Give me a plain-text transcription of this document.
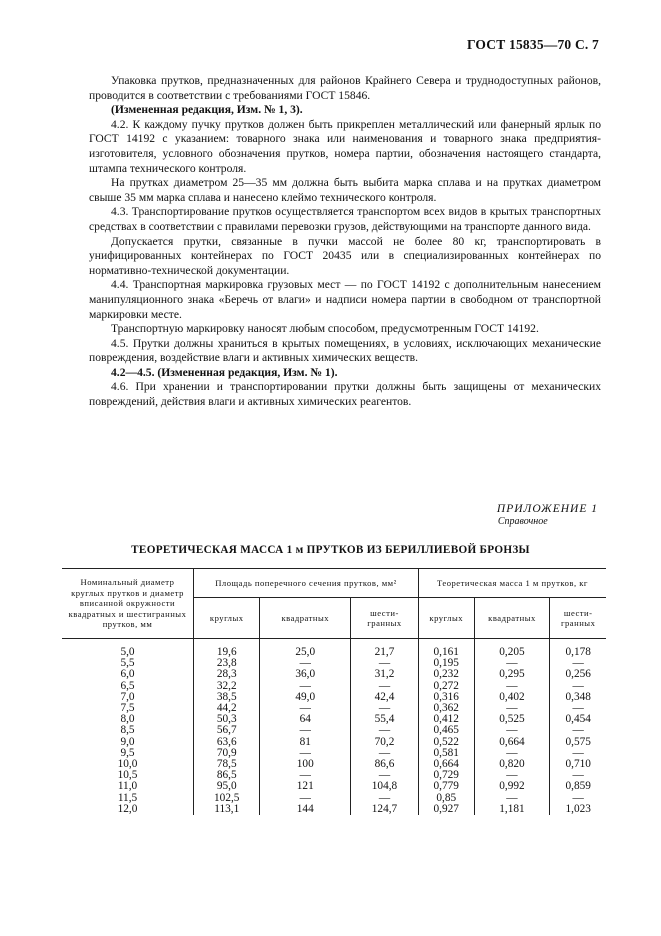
ГОСТ 15835—70 С. 7

Упаковка прутков, предназначенных для районов Крайнего Севера и труднодоступных районов, проводится в соответствии с требованиями ГОСТ 15846.

(Измененная редакция, Изм. № 1, 3).

4.2. К каждому пучку прутков должен быть прикреплен металлический или фанерный ярлык по ГОСТ 14192 с указанием: товарного знака или наименования и товарного знака предприятия-изготовителя, условного обозначения прутков, номера партии, обозначения настоящего стандарта, штампа технического контроля.

На прутках диаметром 25—35 мм должна быть выбита марка сплава и на прутках диаметром свыше 35 мм марка сплава и нанесено клеймо технического контроля.

4.3. Транспортирование прутков осуществляется транспортом всех видов в крытых транспортных средствах в соответствии с правилами перевозки грузов, действующими на транспорте данного вида.

Допускается прутки, связанные в пучки массой не более 80 кг, транспортировать в унифицированных контейнерах по ГОСТ 20435 или в специализированных контейнерах по нормативно-технической документации.

4.4. Транспортная маркировка грузовых мест — по ГОСТ 14192 с дополнительным нанесением манипуляционного знака «Беречь от влаги» и надписи номера партии в свободном от транспортной маркировки месте.

Транспортную маркировку наносят любым способом, предусмотренным ГОСТ 14192.

4.5. Прутки должны храниться в крытых помещениях, в условиях, исключающих механические повреждения, воздействие влаги и активных химических веществ.

4.2—4.5. (Измененная редакция, Изм. № 1).

4.6. При хранении и транспортировании прутки должны быть защищены от механических повреждений, действия влаги и активных химических реагентов.

ПРИЛОЖЕНИЕ 1
Справочное
ТЕОРЕТИЧЕСКАЯ МАССА 1 м ПРУТКОВ ИЗ БЕРИЛЛИЕВОЙ БРОНЗЫ
Номинальный диаметр круглых прутков и диаметр вписанной окружности квадратных и шестигранных прутков, мм	Площадь поперечного сечения прутков, мм²			Теоретическая масса 1 м прутков, кг		
	круглых	квадратных	шести-
гранных	круглых	квадратных	шести-
гранных
5,0	19,6	25,0	21,7	0,161	0,205	0,178
5,5	23,8	—	—	0,195	—	—
6,0	28,3	36,0	31,2	0,232	0,295	0,256
6,5	32,2	—	—	0,272	—	—
7,0	38,5	49,0	42,4	0,316	0,402	0,348
7,5	44,2	—	—	0,362	—	—
8,0	50,3	64	55,4	0,412	0,525	0,454
8,5	56,7	—	—	0,465	—	—
9,0	63,6	81	70,2	0,522	0,664	0,575
9,5	70,9	—	—	0,581	—	—
10,0	78,5	100	86,6	0,664	0,820	0,710
10,5	86,5	—	—	0,729	—	—
11,0	95,0	121	104,8	0,779	0,992	0,859
11,5	102,5	—	—	0,85	—	—
12,0	113,1	144	124,7	0,927	1,181	1,023
